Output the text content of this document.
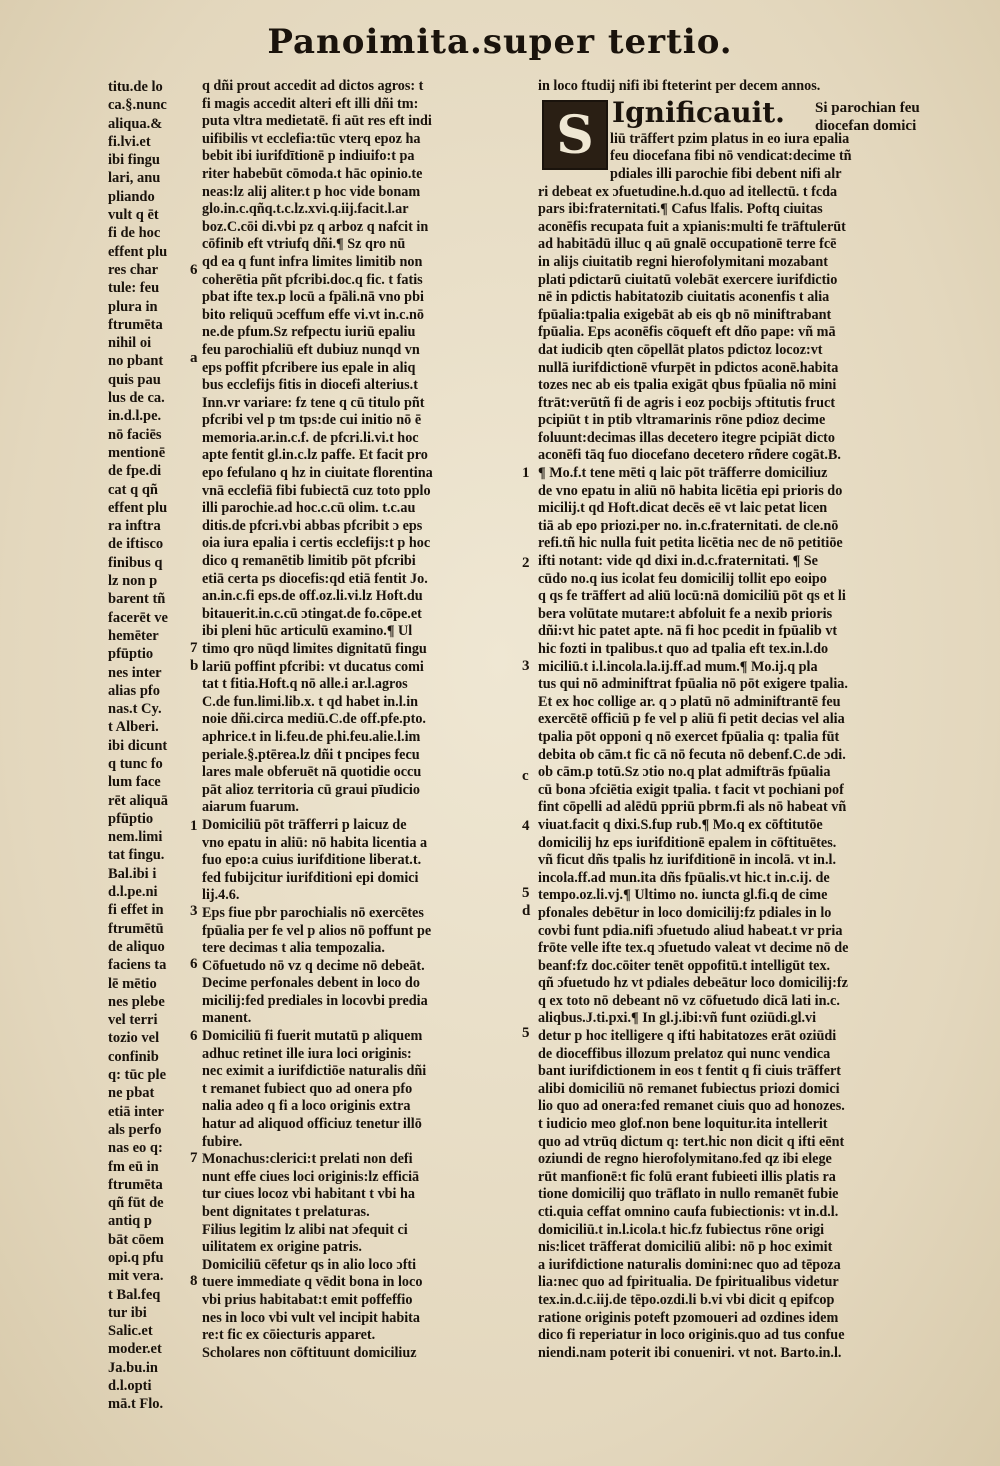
Panoimita.super tertio.
titu.de lo
ca.§.nunc
aliqua.&
fi.lvi.et
ibi fingu
lari, anu
pliando
vult q ēt
fi de hoc
effent plu
res char
tule: feu
plura in
ftrumēta
nihil oi
no pbant
quis pau
lus de ca.
in.d.l.pe.
nō faciēs
mentionē
de fpe.di
cat q qñ
effent plu
ra inftra
de iftisco
finibus q
lz non p
barent tñ
facerēt ve
hemēter
pfūptio
nes inter
alias pfo
nas.t Cy.
t Alberi.
ibi dicunt
q tunc fo
lum face
rēt aliquā
pfūptio
nem.limi
tat fingu.
Bal.ibi i
d.l.pe.ni
fi effet in
ftrumētū
de aliquo
faciens ta
lē mētio
nes plebe
vel terri
tozio vel
confinib
q: tūc ple
ne pbat
etiā inter
als perfo
nas eo q:
fm eū in
ftrumēta
qñ fūt de
antiq p
bāt cōem
opi.q pfu
mit vera.
t Bal.feq
tur ibi
Salic.et
moder.et
Ja.bu.in
d.l.opti
mā.t Flo.
q dñi prout accedit ad dictos agros: t
fi magis accedit alteri eft illi dñi tm:
puta vltra medietatē. fi aūt res eft indi
uifibilis vt ecclefia:tūc vterq epoz ha
bebit ibi iurifdītionē p indiuifo:t pa
riter habebūt cōmoda.t hāc opinio.te
neas:lz alij aliter.t p hoc vide bonam
glo.in.c.qñq.t.c.lz.xvi.q.iij.facit.l.ar
boz.C.cōi di.vbi pz q arboz q nafcit in
cōfinib eft vtriufq dñi.¶ Sz qro nū
qd ea q funt infra limites limitib non
coherētia pñt pfcribi.doc.q fic. t fatis
pbat ifte tex.p locū a fpāli.nā vno pbi
bito reliquū ɔceffum effe vi.vt in.c.nō
ne.de pfum.Sz refpectu iuriū epaliu
feu parochialiū eft dubiuz nunqd vn
eps poffit pfcribere ius epale in aliq
bus ecclefijs fitis in diocefi alterius.t
Inn.vr variare: fz tene q cū titulo pñt
pfcribi vel p tm tps:de cui initio nō ē
memoria.ar.in.c.f. de pfcri.li.vi.t hoc
apte fentit gl.in.c.lz paffe. Et facit pro
epo fefulano q hz in ciuitate florentina
vnā ecclefiā fibi fubiectā cuz toto pplo
illi parochie.ad hoc.c.cū olim. t.c.au
ditis.de pfcri.vbi abbas pfcribit ɔ eps
oia iura epalia i certis ecclefijs:t p hoc
dico q remanētib limitib pōt pfcribi
etiā certa ps diocefis:qd etiā fentit Jo.
an.in.c.fi eps.de off.oz.li.vi.lz Hoft.du
bitauerit.in.c.cū ɔtingat.de fo.cōpe.et
ibi pleni hūc articulū examino.¶ Ul
timo qro nūqd limites dignitatū fingu
lariū poffint pfcribi: vt ducatus comi
tat t fitia.Hoft.q nō alle.i ar.l.agros
C.de fun.limi.lib.x. t qd habet in.l.in
noie dñi.circa mediū.C.de off.pfe.pto.
aphrice.t in li.feu.de phi.feu.alie.l.im
periale.§.ptērea.lz dñi t pncipes fecu
lares male obferuēt nā quotidie occu
pāt alioz territoria cū graui pīudicio
aiarum fuarum.
Domiciliū pōt trāfferri p laicuz de
vno epatu in aliū: nō habita licentia a
fuo epo:a cuius iurifditione liberat.t.
fed fubijcitur iurifditioni epi domici
lij.4.6.
Eps fiue pbr parochialis nō exercētes
fpūalia per fe vel p alios nō poffunt pe
tere decimas t alia tempozalia.
Cōfuetudo nō vz q decime nō debeāt.
Decime perfonales debent in loco do
micilij:fed prediales in locovbi predia
manent.
Domiciliū fi fuerit mutatū p aliquem
adhuc retinet ille iura loci originis:
nec eximit a iurifdictiōe naturalis dñi
t remanet fubiect quo ad onera pfo
nalia adeo q fi a loco originis extra
hatur ad aliquod officiuz tenetur illō
fubire.
Monachus:clerici:t prelati non defi
nunt effe ciues loci originis:lz efficiā
tur ciues locoz vbi habitant t vbi ha
bent dignitates t prelaturas.
Filius legitim lz alibi nat ɔfequit ci
uilitatem ex origine patris.
Domiciliū cēfetur qs in alio loco ɔfti
tuere immediate q vēdit bona in loco
vbi prius habitabat:t emit poffeffio
nes in loco vbi vult vel incipit habita
re:t fic ex cōiecturis apparet.
Scholares non cōftituunt domiciliuz
in loco ftudij nifi ibi fteterint per decem annos.

liū trāffert pzim platus in eo iura epalia
feu diocefana fibi nō vendicat:decime tñ
pdiales illi parochie fibi debent nifi alr
ri debeat ex ɔfuetudine.h.d.quo ad itellectū. t fcda
pars ibi:fraternitati.¶ Cafus lfalis. Poftq ciuitas
aconēfis recupata fuit a xpianis:multi fe trāftulerūt
ad habitādū illuc q aū gnalē occupationē terre fcē
in alijs ciuitatib regni hierofolymitani mozabant
plati pdictarū ciuitatū volebāt exercere iurifdictio
nē in pdictis habitatozib ciuitatis aconenfis t alia
fpūalia:tpalia exigebāt ab eis qb nō miniftrabant
fpūalia. Eps aconēfis cōqueft eft dño pape: vñ mā
dat iudicib qten cōpellāt platos pdictoz locoz:vt
nullā iurifdictionē vfurpēt in pdictos aconē.habita
tozes nec ab eis tpalia exigāt qbus fpūalia nō mini
ftrāt:verūtñ fi de agris i eoz pocbijs ɔftitutis fruct
pcipiūt t in ptib vltramarinis rōne pdioz decime
foluunt:decimas illas decetero itegre pcipiāt dicto
aconēfi tāq fuo diocefano decetero rñdere cogāt.B.
¶ Mo.f.t tene mēti q laic pōt trāfferre domiciliuz
de vno epatu in aliū nō habita licētia epi prioris do
micilij.t qd Hoft.dicat decēs eē vt laic petat licen
tiā ab epo priozi.per no. in.c.fraternitati. de cle.nō
refi.tñ hic nulla fuit petita licētia nec de nō petitiōe
ifti notant: vide qd dixi in.d.c.fraternitati. ¶ Se
cūdo no.q ius icolat feu domicilij tollit epo eoipo
q qs fe trāffert ad aliū locū:nā domiciliū pōt qs et li
bera volūtate mutare:t abfoluit fe a nexib prioris
dñi:vt hic patet apte. nā fi hoc pcedit in fpūalib vt
hic fozti in tpalibus.t quo ad tpalia eft tex.in.l.do
miciliū.t i.l.incola.la.ij.ff.ad mum.¶ Mo.ij.q pla
tus qui nō adminiftrat fpūalia nō pōt exigere tpalia.
Et ex hoc collige ar. q ɔ platū nō adminiftrantē feu
exercētē officiū p fe vel p aliū fi petit decias vel alia
tpalia pōt opponi q nō exercet fpūalia q: tpalia fūt
debita ob cām.t fic cā nō fecuta nō debenf.C.de ɔdi.
ob cām.p totū.Sz ɔtio no.q plat admiftrās fpūalia
cū bona ɔfciētia exigit tpalia. t facit vt pochiani pof
fint cōpelli ad alēdū ppriū pbrm.fi als nō habeat vñ
viuat.facit q dixi.S.fup rub.¶ Mo.q ex cōftitutōe
domicilij hz eps iurifditionē epalem in cōftituētes.
vñ ficut dñs tpalis hz iurifditionē in incolā. vt in.l.
incola.ff.ad mun.ita dñs fpūalis.vt hic.t in.c.ij. de
tempo.oz.li.vj.¶ Ultimo no. iuncta gl.fi.q de cime
pfonales debētur in loco domicilij:fz pdiales in lo
covbi funt pdia.nifi ɔfuetudo aliud habeat.t vr pria
frōte velle ifte tex.q ɔfuetudo valeat vt decime nō de
beanf:fz doc.cōiter tenēt oppofitū.t intelligūt tex.
qñ ɔfuetudo hz vt pdiales debeātur loco domicilij:fz
q ex toto nō debeant nō vz cōfuetudo dicā lati in.c.
aliqbus.J.ti.pxi.¶ In gl.j.ibi:vñ funt oziūdi.gl.vi
detur p hoc itelligere q ifti habitatozes erāt oziūdi
de dioceffibus illozum prelatoz qui nunc vendica
bant iurifdictionem in eos t fentit q fi ciuis trāffert
alibi domiciliū nō remanet fubiectus priozi domici
lio quo ad onera:fed remanet ciuis quo ad honozes.
t iudicio meo glof.non bene loquitur.ita intellerit
quo ad vtrūq dictum q: tert.hic non dicit q ifti eēnt
oziundi de regno hierofolymitano.fed qz ibi elege
rūt manfionē:t fic folū erant fubieeti illis platis ra
tione domicilij quo trāflato in nullo remanēt fubie
cti.quia ceffat omnino caufa fubiectionis: vt in.d.l.
domiciliū.t in.l.icola.t hic.fz fubiectus rōne origi
nis:licet trāfferat domiciliū alibi: nō p hoc eximit
a iurifdictione naturalis domini:nec quo ad tēpoza
lia:nec quo ad fpiritualia. De fpiritualibus videtur
tex.in.d.c.iij.de tēpo.ozdi.li b.vi vbi dicit q epifcop
ratione originis poteft pzomoueri ad ozdines idem
dico fi reperiatur in loco originis.quo ad tus confue
niendi.nam poterit ibi conueniri. vt not. Barto.in.l.
S Ignificauit. Si parochian feu
diocefan domici
6
a
1
2
7
b	3
c
1	4
5
d
3
6
5
6
7
8
